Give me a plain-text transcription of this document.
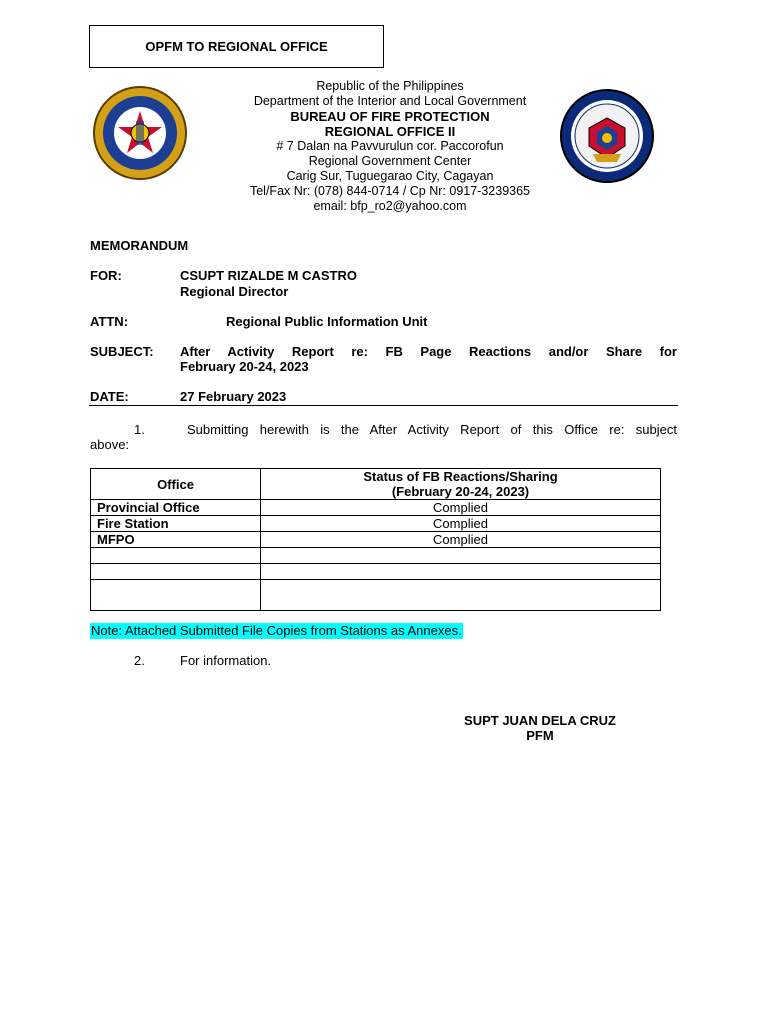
OPFM TO REGIONAL OFFICE
Republic of the Philippines
Department of the Interior and Local Government
BUREAU OF FIRE PROTECTION
REGIONAL OFFICE II
# 7 Dalan na Pavvurulun cor. Paccorofun
Regional Government Center
Carig Sur, Tuguegarao City, Cagayan
Tel/Fax Nr: (078) 844-0714 / Cp Nr: 0917-3239365
email: bfp_ro2@yahoo.com
MEMORANDUM
FOR:	CSUPT RIZALDE M CASTRO
Regional Director
ATTN:	Regional Public Information Unit
SUBJECT: After Activity Report re: FB Page Reactions and/or Share for
February 20-24, 2023
DATE:	27 February 2023
1.	Submitting herewith is the After Activity Report of this Office re: subject
above:
Office	Status of FB Reactions/Sharing
(February 20-24, 2023)

Provincial Office	Complied
Fire Station	Complied
MFPO	Complied

Note: Attached Submitted File Copies from Stations as Annexes.
2.	For information.
SUPT JUAN DELA CRUZ
PFM
